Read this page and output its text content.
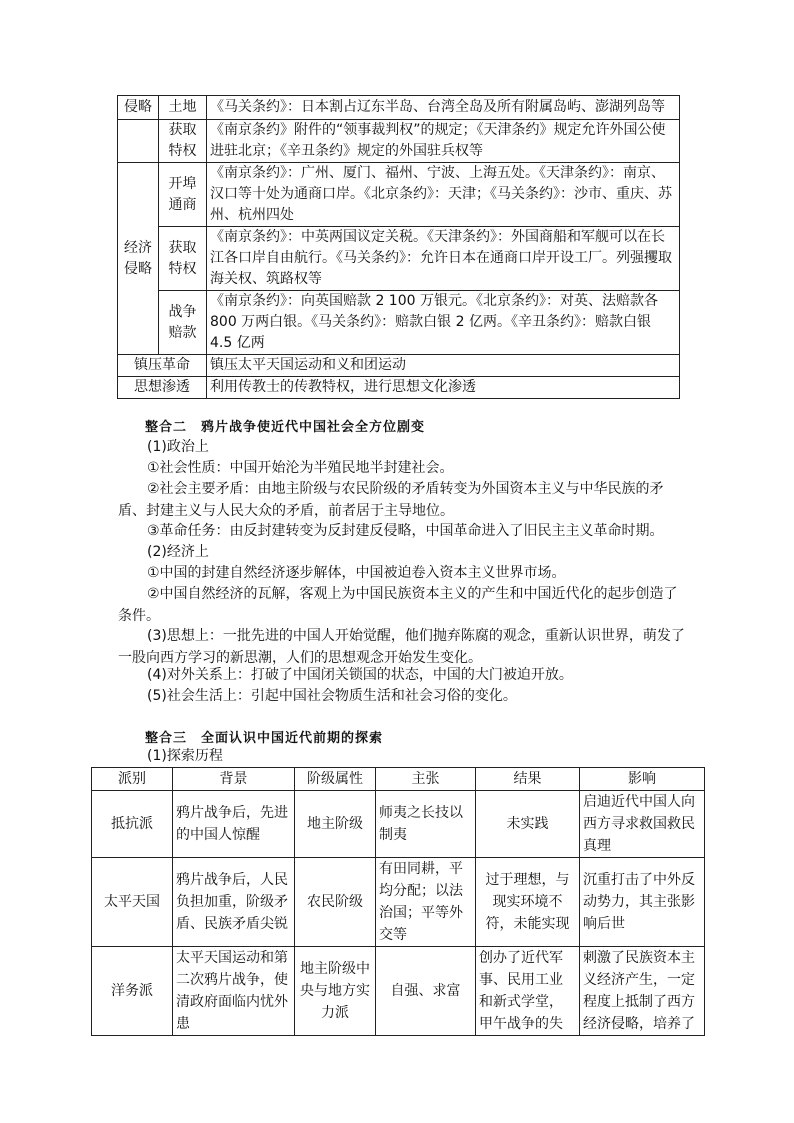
侵略	土地	《马关条约》：日本割占辽东半岛、台湾全岛及所有附属岛屿、澎湖列岛等
	获取特权	《南京条约》附件的“领事裁判权”的规定；《天津条约》规定允许外国公使进驻北京；《辛丑条约》规定的外国驻兵权等
经济侵略	开埠通商	《南京条约》：广州、厦门、福州、宁波、上海五处。《天津条约》：南京、汉口等十处为通商口岸。《北京条约》：天津；《马关条约》：沙市、重庆、苏州、杭州四处
	获取特权	《南京条约》：中英两国议定关税。《天津条约》：外国商船和军舰可以在长江各口岸自由航行。《马关条约》：允许日本在通商口岸开设工厂。列强攫取海关权、筑路权等
	战争赔款	《南京条约》：向英国赔款 2 100 万银元。《北京条约》：对英、法赔款各 800 万两白银。《马关条约》：赔款白银 2 亿两。《辛丑条约》：赔款白银 4.5 亿两
镇压革命		镇压太平天国运动和义和团运动
思想渗透		利用传教士的传教特权，进行思想文化渗透
整合二　鸦片战争使近代中国社会全方位剧变
(1)政治上
①社会性质：中国开始沦为半殖民地半封建社会。
②社会主要矛盾：由地主阶级与农民阶级的矛盾转变为外国资本主义与中华民族的矛盾、封建主义与人民大众的矛盾，前者居于主导地位。
③革命任务：由反封建转变为反封建反侵略，中国革命进入了旧民主主义革命时期。
(2)经济上
①中国的封建自然经济逐步解体，中国被迫卷入资本主义世界市场。
②中国自然经济的瓦解，客观上为中国民族资本主义的产生和中国近代化的起步创造了条件。
(3)思想上：一批先进的中国人开始觉醒，他们抛弃陈腐的观念，重新认识世界，萌发了一股向西方学习的新思潮，人们的思想观念开始发生变化。
(4)对外关系上：打破了中国闭关锁国的状态，中国的大门被迫开放。
(5)社会生活上：引起中国社会物质生活和社会习俗的变化。
整合三　全面认识中国近代前期的探索
(1)探索历程
派别	背景	阶级属性	主张	结果	影响
抵抗派	鸦片战争后，先进的中国人惊醒	地主阶级	师夷之长技以制夷	未实践	启迪近代中国人向西方寻求救国救民真理
太平天国	鸦片战争后，人民负担加重，阶级矛盾、民族矛盾尖锐	农民阶级	有田同耕，平均分配；以法治国；平等外交等	过于理想，与现实环境不符，未能实现	沉重打击了中外反动势力，其主张影响后世
洋务派	太平天国运动和第二次鸦片战争，使清政府面临内忧外患	地主阶级中央与地方实力派	自强、求富	创办了近代军事、民用工业和新式学堂，甲午战争的失	刺激了民族资本主义经济产生，一定程度上抵制了西方经济侵略，培养了
